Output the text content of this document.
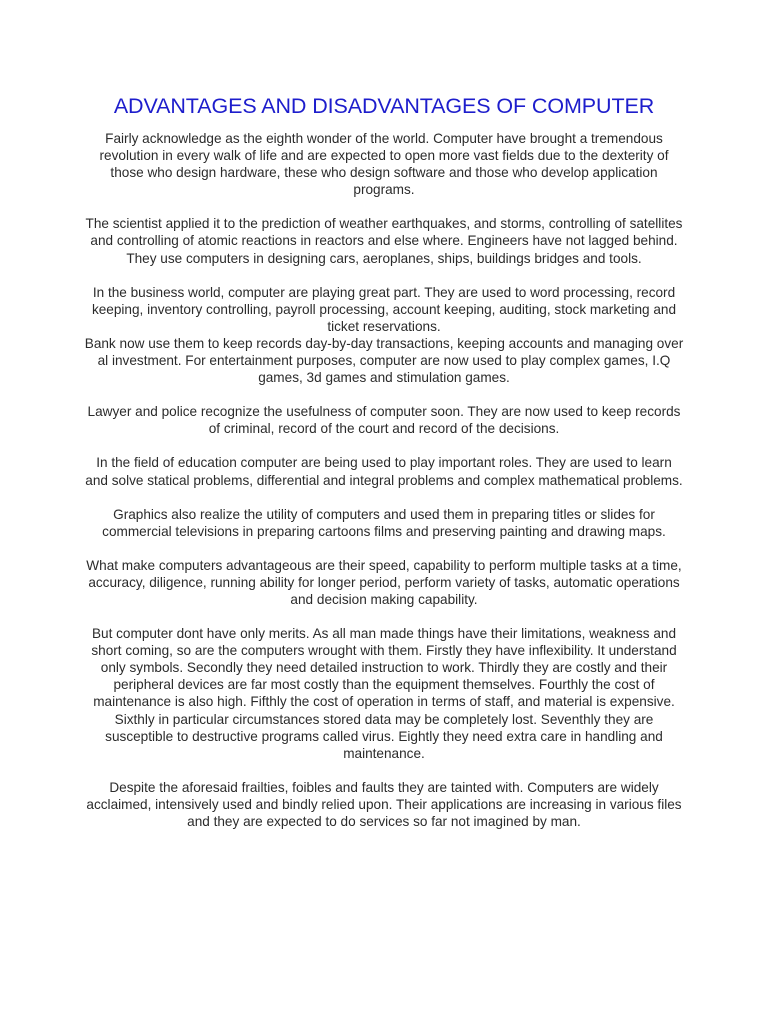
ADVANTAGES AND DISADVANTAGES OF COMPUTER

Fairly acknowledge as the eighth wonder of the world. Computer have brought a tremendous revolution in every walk of life and are expected to open more vast fields due to the dexterity of those who design hardware, these who design software and those who develop application programs.

The scientist applied it to the prediction of weather earthquakes, and storms, controlling of satellites and controlling of atomic reactions in reactors and else where. Engineers have not lagged behind. They use computers in designing cars, aeroplanes, ships, buildings bridges and tools.

In the business world, computer are playing great part. They are used to word processing, record keeping, inventory controlling, payroll processing, account keeping, auditing, stock marketing and ticket reservations.

Bank now use them to keep records day-by-day transactions, keeping accounts and managing over al investment. For entertainment purposes, computer are now used to play complex games, I.Q games, 3d games and stimulation games.

Lawyer and police recognize the usefulness of computer soon. They are now used to keep records of criminal, record of the court and record of the decisions.

In the field of education computer are being used to play important roles. They are used to learn and solve statical problems, differential and integral problems and complex mathematical problems.

Graphics also realize the utility of computers and used them in preparing titles or slides for commercial televisions in preparing cartoons films and preserving painting and drawing maps.

What make computers advantageous are their speed, capability to perform multiple tasks at a time, accuracy, diligence, running ability for longer period, perform variety of tasks, automatic operations and decision making capability.

But computer dont have only merits. As all man made things have their limitations, weakness and short coming, so are the computers wrought with them. Firstly they have inflexibility. It understand only symbols. Secondly they need detailed instruction to work. Thirdly they are costly and their peripheral devices are far most costly than the equipment themselves. Fourthly the cost of maintenance is also high. Fifthly the cost of operation in terms of staff, and material is expensive. Sixthly in particular circumstances stored data may be completely lost. Seventhly they are susceptible to destructive programs called virus. Eightly they need extra care in handling and maintenance.

Despite the aforesaid frailties, foibles and faults they are tainted with. Computers are widely acclaimed, intensively used and bindly relied upon. Their applications are increasing in various files and they are expected to do services so far not imagined by man.
